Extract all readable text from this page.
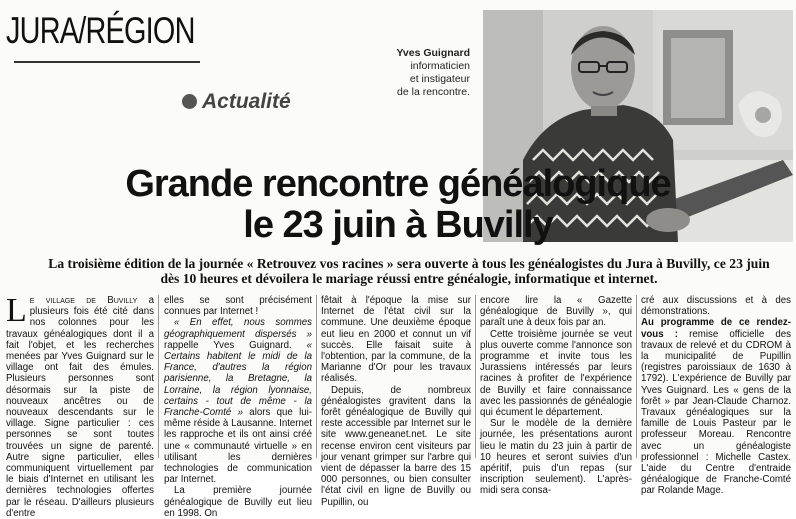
JURA/RÉGION
Actualité
Yves Guignard
informaticien
et instigateur
de la rencontre.
Grande rencontre généalogique
le 23 juin à Buvilly
La troisième édition de la journée « Retrouvez vos racines » sera ouverte à tous les généalogistes du Jura à Buvilly, ce 23 juin dès 10 heures et dévoilera le mariage réussi entre généalogie, informatique et internet.

Le village de Buvilly a plusieurs fois été cité dans nos colonnes pour les travaux généalogiques dont il a fait l'objet, et les recherches menées par Yves Guignard sur le village ont fait des émules. Plusieurs personnes sont désormais sur la piste de nouveaux ancêtres ou de nouveaux descendants sur le village. Signe particulier : ces personnes se sont toutes trouvées un signe de parenté. Autre signe particulier, elles communiquent virtuellement par le biais d'Internet en utilisant les dernières technologies offertes par le réseau. D'ailleurs plusieurs d'entre

elles se sont précisément connues par Internet !

« En effet, nous sommes géographiquement dispersés » rappelle Yves Guignard. « Certains habitent le midi de la France, d'autres la région parisienne, la Bretagne, la Lorraine, la région lyonnaise, certains - tout de même - la Franche-Comté » alors que lui-même réside à Lausanne. Internet les rapproche et ils ont ainsi créé une « communauté virtuelle » en utilisant les dernières technologies de communication par Internet.

La première journée généalogique de Buvilly eut lieu en 1998. On

fêtait à l'époque la mise sur Internet de l'état civil sur la commune. Une deuxième époque eut lieu en 2000 et connut un vif succès. Elle faisait suite à l'obtention, par la commune, de la Marianne d'Or pour les travaux réalisés.

Depuis, de nombreux généalogistes gravitent dans la forêt généalogique de Buvilly qui reste accessible par Internet sur le site www.geneanet.net. Le site recense environ cent visiteurs par jour venant grimper sur l'arbre qui vient de dépasser la barre des 15 000 personnes, ou bien consulter l'état civil en ligne de Buvilly ou Pupillin, ou

encore lire la « Gazette généalogique de Buvilly », qui paraît une à deux fois par an.

Cette troisième journée se veut plus ouverte comme l'annonce son programme et invite tous les Jurassiens intéressés par leurs racines à profiter de l'expérience de Buvilly et faire connaissance avec les passionnés de généalogie qui écument le département.

Sur le modèle de la dernière journée, les présentations auront lieu le matin du 23 juin à partir de 10 heures et seront suivies d'un apéritif, puis d'un repas (sur inscription seulement). L'après-midi sera consa-

cré aux discussions et à des démonstrations.

Au programme de ce rendez-vous : remise officielle des travaux de relevé et du CDROM à la municipalité de Pupillin (registres paroissiaux de 1630 à 1792). L'expérience de Buvilly par Yves Guignard. Les « gens de la forêt » par Jean-Claude Charnoz. Travaux généalogiques sur la famille de Louis Pasteur par le professeur Moreau. Rencontre avec un généalogiste professionnel : Michelle Castex. L'aide du Centre d'entraide généalogique de Franche-Comté par Rolande Mage.
